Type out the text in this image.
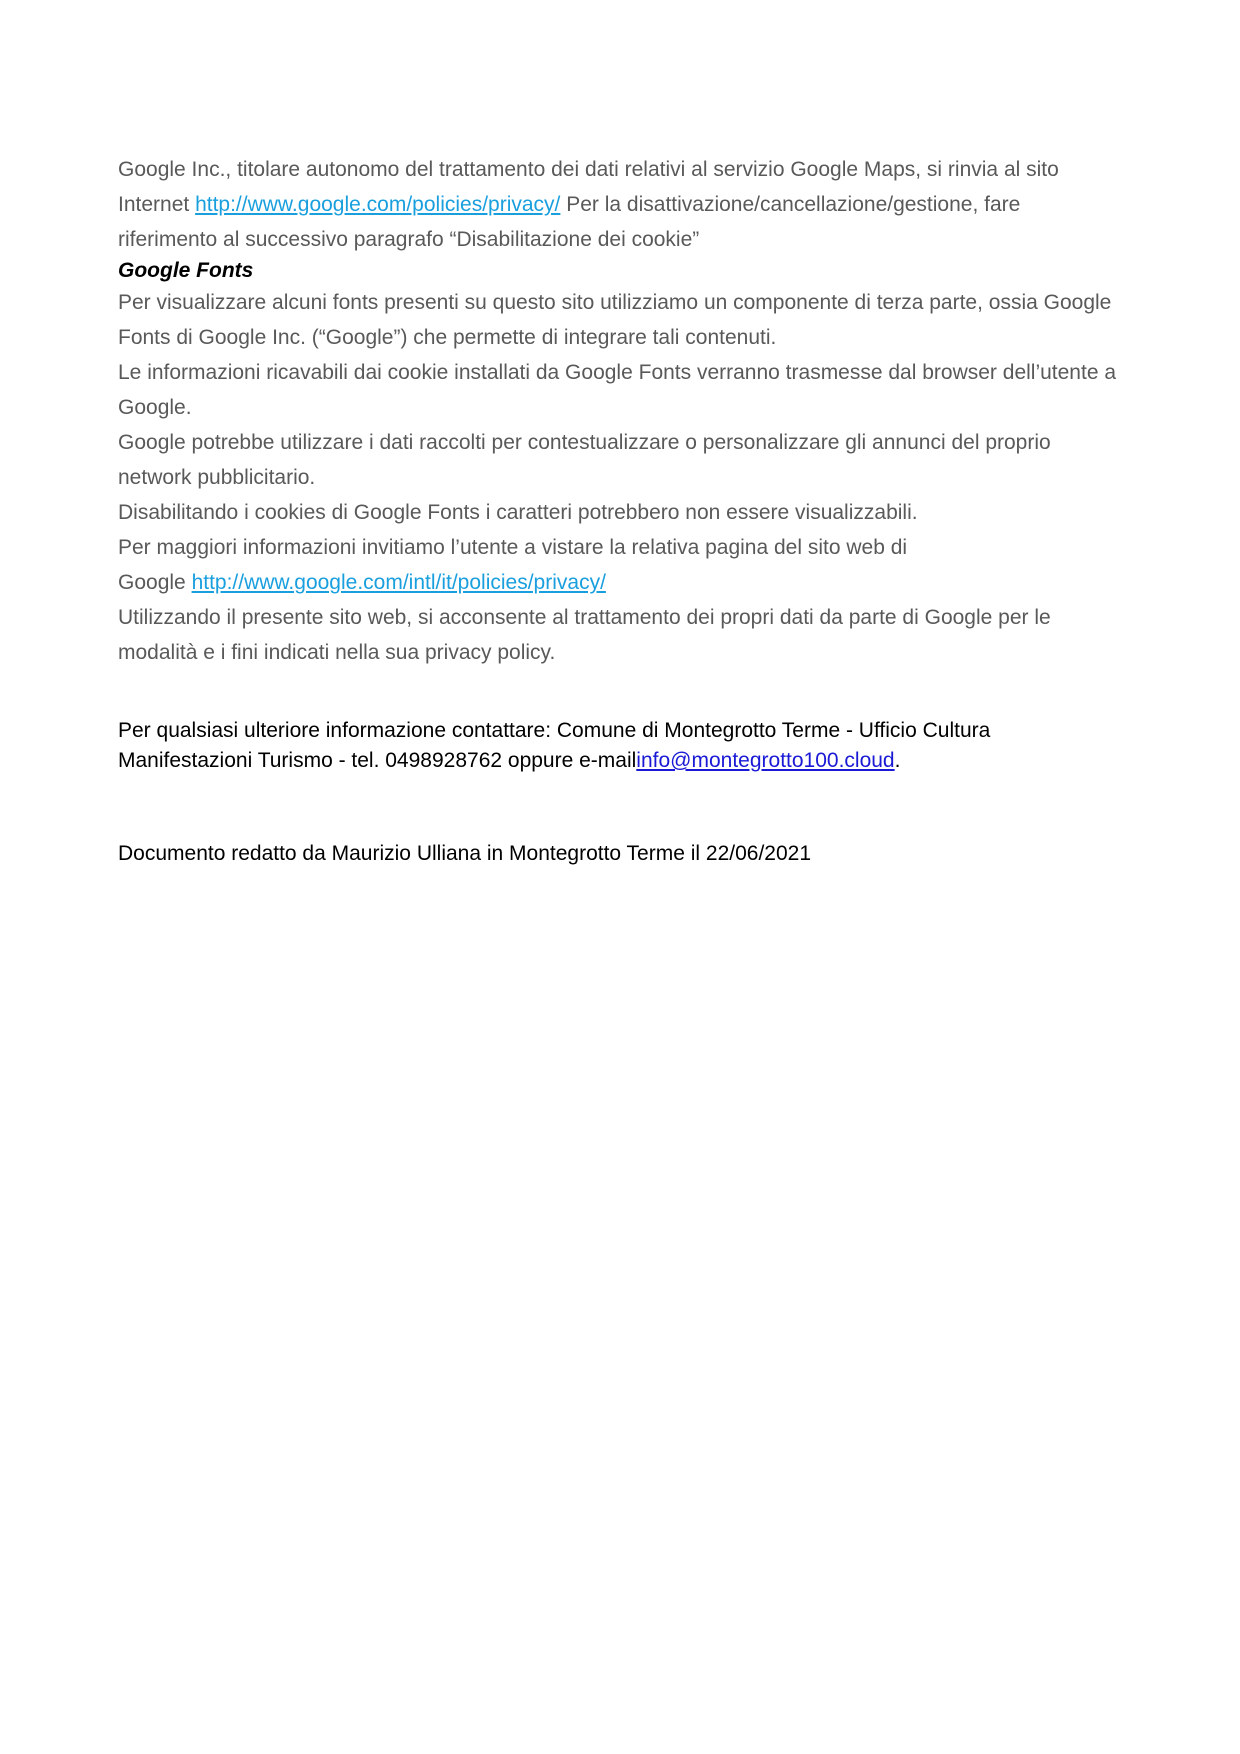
Google Inc., titolare autonomo del trattamento dei dati relativi al servizio Google Maps, si rinvia al sito

Internet http://www.google.com/policies/privacy/ Per la disattivazione/cancellazione/gestione, fare

riferimento al successivo paragrafo “Disabilitazione dei cookie”

Google Fonts

Per visualizzare alcuni fonts presenti su questo sito utilizziamo un componente di terza parte, ossia Google Fonts di Google Inc. (“Google”) che permette di integrare tali contenuti.

Le informazioni ricavabili dai cookie installati da Google Fonts verranno trasmesse dal browser dell’utente a Google.

Google potrebbe utilizzare i dati raccolti per contestualizzare o personalizzare gli annunci del proprio network pubblicitario.

Disabilitando i cookies di Google Fonts i caratteri potrebbero non essere visualizzabili.

Per maggiori informazioni invitiamo l’utente a vistare la relativa pagina del sito web di

Google http://www.google.com/intl/it/policies/privacy/

Utilizzando il presente sito web, si acconsente al trattamento dei propri dati da parte di Google per le modalità e i fini indicati nella sua privacy policy.

Per qualsiasi ulteriore informazione contattare: Comune di Montegrotto Terme - Ufficio Cultura
Manifestazioni Turismo - tel. 0498928762 oppure e-mailinfo@montegrotto100.cloud.
Documento redatto da Maurizio Ulliana in Montegrotto Terme il 22/06/2021
